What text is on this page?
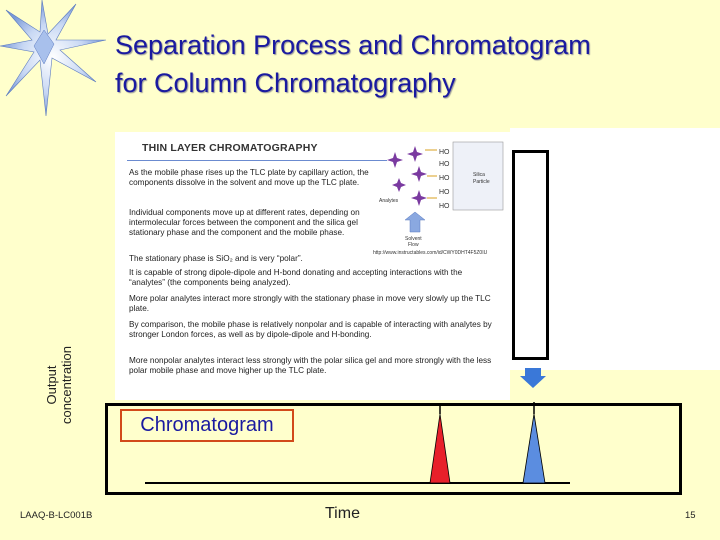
Separation Process and Chromatogram
for Column Chromatography
THIN LAYER CHROMATOGRAPHY	HO
HO
HO
HO
HO
Silica
Particle
Analytes
Solvent
Flow
As the mobile phase rises up the TLC plate by capillary action, the components dissolve in the solvent and move up the TLC plate.
Individual components move up at different rates, depending on intermolecular forces between the component and the silica gel stationary phase and the component and the mobile phase.
The stationary phase is SiO₂ and is very “polar”.
http://www.instructables.com/id/CWY0DHT4F5Z0IU
It is capable of strong dipole-dipole and H-bond donating and accepting interactions with the “analytes” (the components being analyzed).
More polar analytes interact more strongly with the stationary phase in move very slowly up the TLC plate.
By comparison, the mobile phase is relatively nonpolar and is capable of interacting with analytes by stronger London forces, as well as by dipole-dipole and H-bonding.
More nonpolar analytes interact less strongly with the polar silica gel and more strongly with the less polar mobile phase and move higher up the TLC plate.
Chromatogram
Output concentration
Time
LAAQ-B-LC001B	15
